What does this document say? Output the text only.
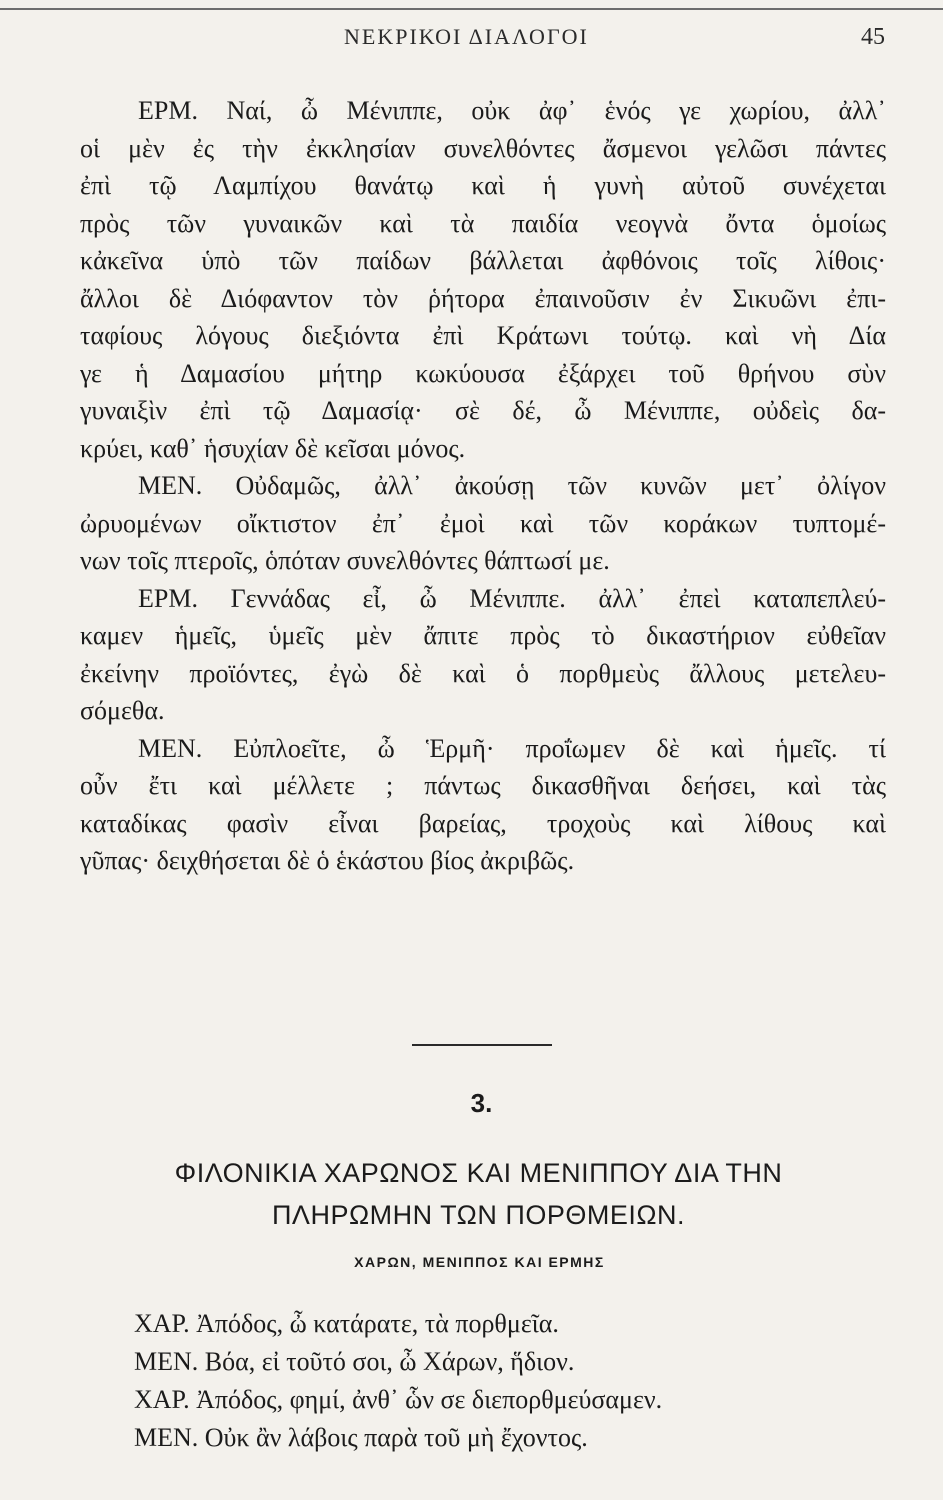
ΝΕΚΡΙΚΟΙ ΔΙΑΛΟΓΟΙ	45
ΕΡΜ. Ναί, ὦ Μένιππε, οὐκ ἀφ᾽ ἑνός γε χωρίου, ἀλλ᾽
οἱ μὲν ἐς τὴν ἐκκλησίαν συνελθόντες ἄσμενοι γελῶσι πάντες
ἐπὶ τῷ Λαμπίχου θανάτῳ καὶ ἡ γυνὴ αὐτοῦ συνέχεται
πρὸς τῶν γυναικῶν καὶ τὰ παιδία νεογνὰ ὄντα ὁμοίως
κἀκεῖνα ὑπὸ τῶν παίδων βάλλεται ἀφθόνοις τοῖς λίθοις·
ἄλλοι δὲ Διόφαντον τὸν ῥήτορα ἐπαινοῦσιν ἐν Σικυῶνι ἐπι-
ταφίους λόγους διεξιόντα ἐπὶ Κράτωνι τούτῳ. καὶ νὴ Δία
γε ἡ Δαμασίου μήτηρ κωκύουσα ἐξάρχει τοῦ θρήνου σὺν
γυναιξὶν ἐπὶ τῷ Δαμασίᾳ· σὲ δέ, ὦ Μένιππε, οὐδεὶς δα-
κρύει, καθ᾽ ἡσυχίαν δὲ κεῖσαι μόνος.
ΜΕΝ. Οὐδαμῶς, ἀλλ᾽ ἀκούσῃ τῶν κυνῶν μετ᾽ ὀλίγον
ὠρυομένων οἴκτιστον ἐπ᾽ ἐμοὶ καὶ τῶν κοράκων τυπτομέ-
νων τοῖς πτεροῖς, ὁπόταν συνελθόντες θάπτωσί με.
ΕΡΜ. Γεννάδας εἶ, ὦ Μένιππε. ἀλλ᾽ ἐπεὶ καταπεπλεύ-
καμεν ἡμεῖς, ὑμεῖς μὲν ἄπιτε πρὸς τὸ δικαστήριον εὐθεῖαν
ἐκείνην προϊόντες, ἐγὼ δὲ καὶ ὁ πορθμεὺς ἄλλους μετελευ-
σόμεθα.
ΜΕΝ. Εὐπλοεῖτε, ὦ Ἑρμῆ· προΐωμεν δὲ καὶ ἡμεῖς. τί
οὖν ἔτι καὶ μέλλετε ; πάντως δικασθῆναι δεήσει, καὶ τὰς
καταδίκας φασὶν εἶναι βαρείας, τροχοὺς καὶ λίθους καὶ
γῦπας· δειχθήσεται δὲ ὁ ἑκάστου βίος ἀκριβῶς.
3.
ΦΙΛΟΝΙΚΙΑ ΧΑΡΩΝΟΣ ΚΑΙ ΜΕΝΙΠΠΟΥ ΔΙΑ ΤΗΝ
ΠΛΗΡΩΜΗΝ ΤΩΝ ΠΟΡΘΜΕΙΩΝ.
ΧΑΡΩΝ, ΜΕΝΙΠΠΟΣ ΚΑΙ ΕΡΜΗΣ
ΧΑΡ. Ἀπόδος, ὦ κατάρατε, τὰ πορθμεῖα.
ΜΕΝ. Βόα, εἰ τοῦτό σοι, ὦ Χάρων, ἥδιον.
ΧΑΡ. Ἀπόδος, φημί, ἀνθ᾽ ὧν σε διεπορθμεύσαμεν.
ΜΕΝ. Οὐκ ἂν λάβοις παρὰ τοῦ μὴ ἔχοντος.
